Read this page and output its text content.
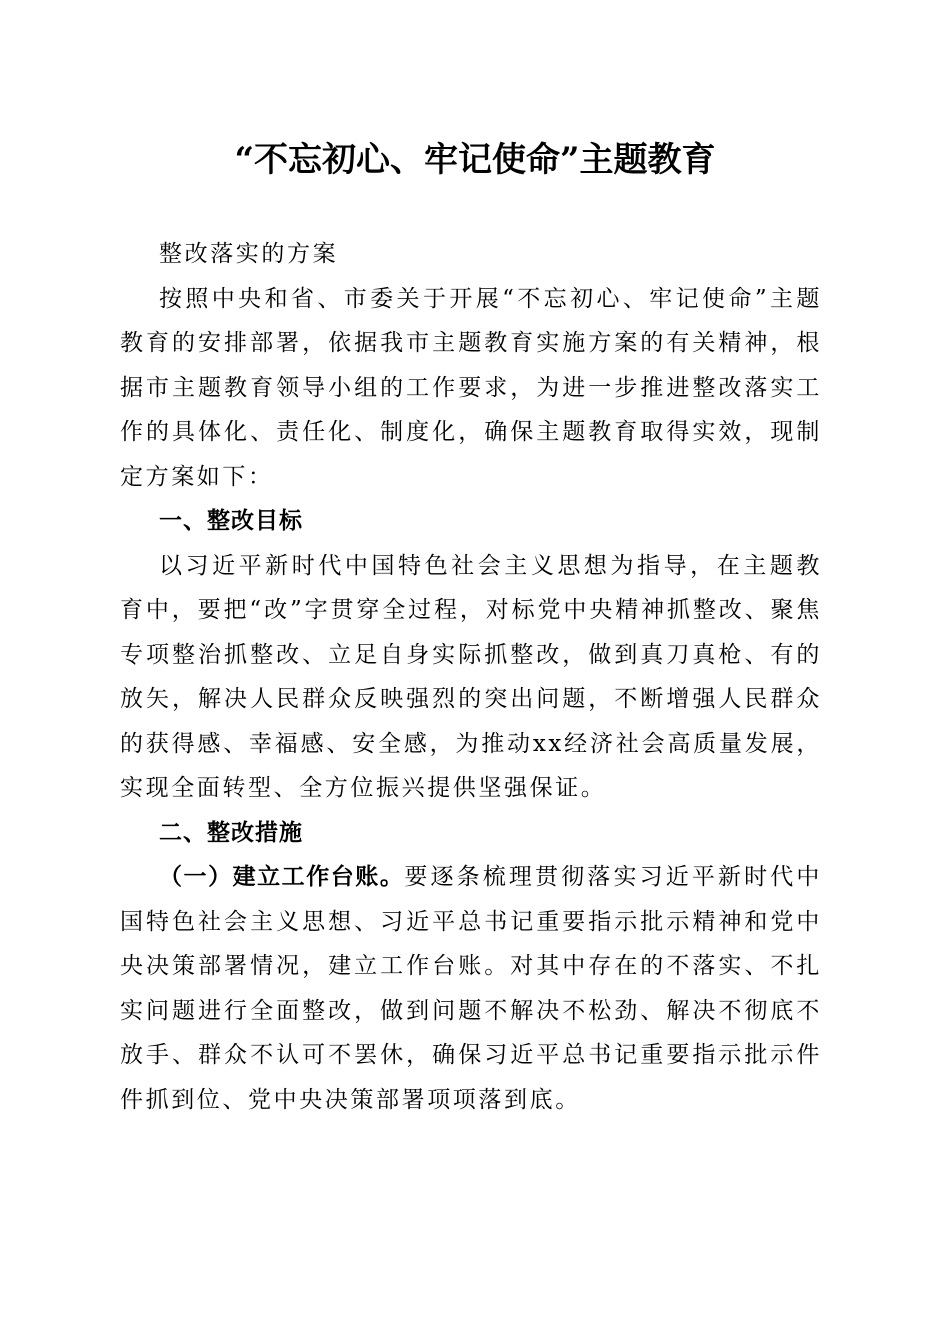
“不忘初心、牢记使命”主题教育

整改落实的方案

按照中央和省、市委关于开展“不忘初心、牢记使命”主题教育的安排部署，依据我市主题教育实施方案的有关精神，根据市主题教育领导小组的工作要求，为进一步推进整改落实工作的具体化、责任化、制度化，确保主题教育取得实效，现制定方案如下：

一、整改目标

以习近平新时代中国特色社会主义思想为指导，在主题教育中，要把“改”字贯穿全过程，对标党中央精神抓整改、聚焦专项整治抓整改、立足自身实际抓整改，做到真刀真枪、有的放矢，解决人民群众反映强烈的突出问题，不断增强人民群众的获得感、幸福感、安全感，为推动xx经济社会高质量发展，实现全面转型、全方位振兴提供坚强保证。

二、整改措施

（一）建立工作台账。要逐条梳理贯彻落实习近平新时代中国特色社会主义思想、习近平总书记重要指示批示精神和党中央决策部署情况，建立工作台账。对其中存在的不落实、不扎实问题进行全面整改，做到问题不解决不松劲、解决不彻底不放手、群众不认可不罢休，确保习近平总书记重要指示批示件件抓到位、党中央决策部署项项落到底。
